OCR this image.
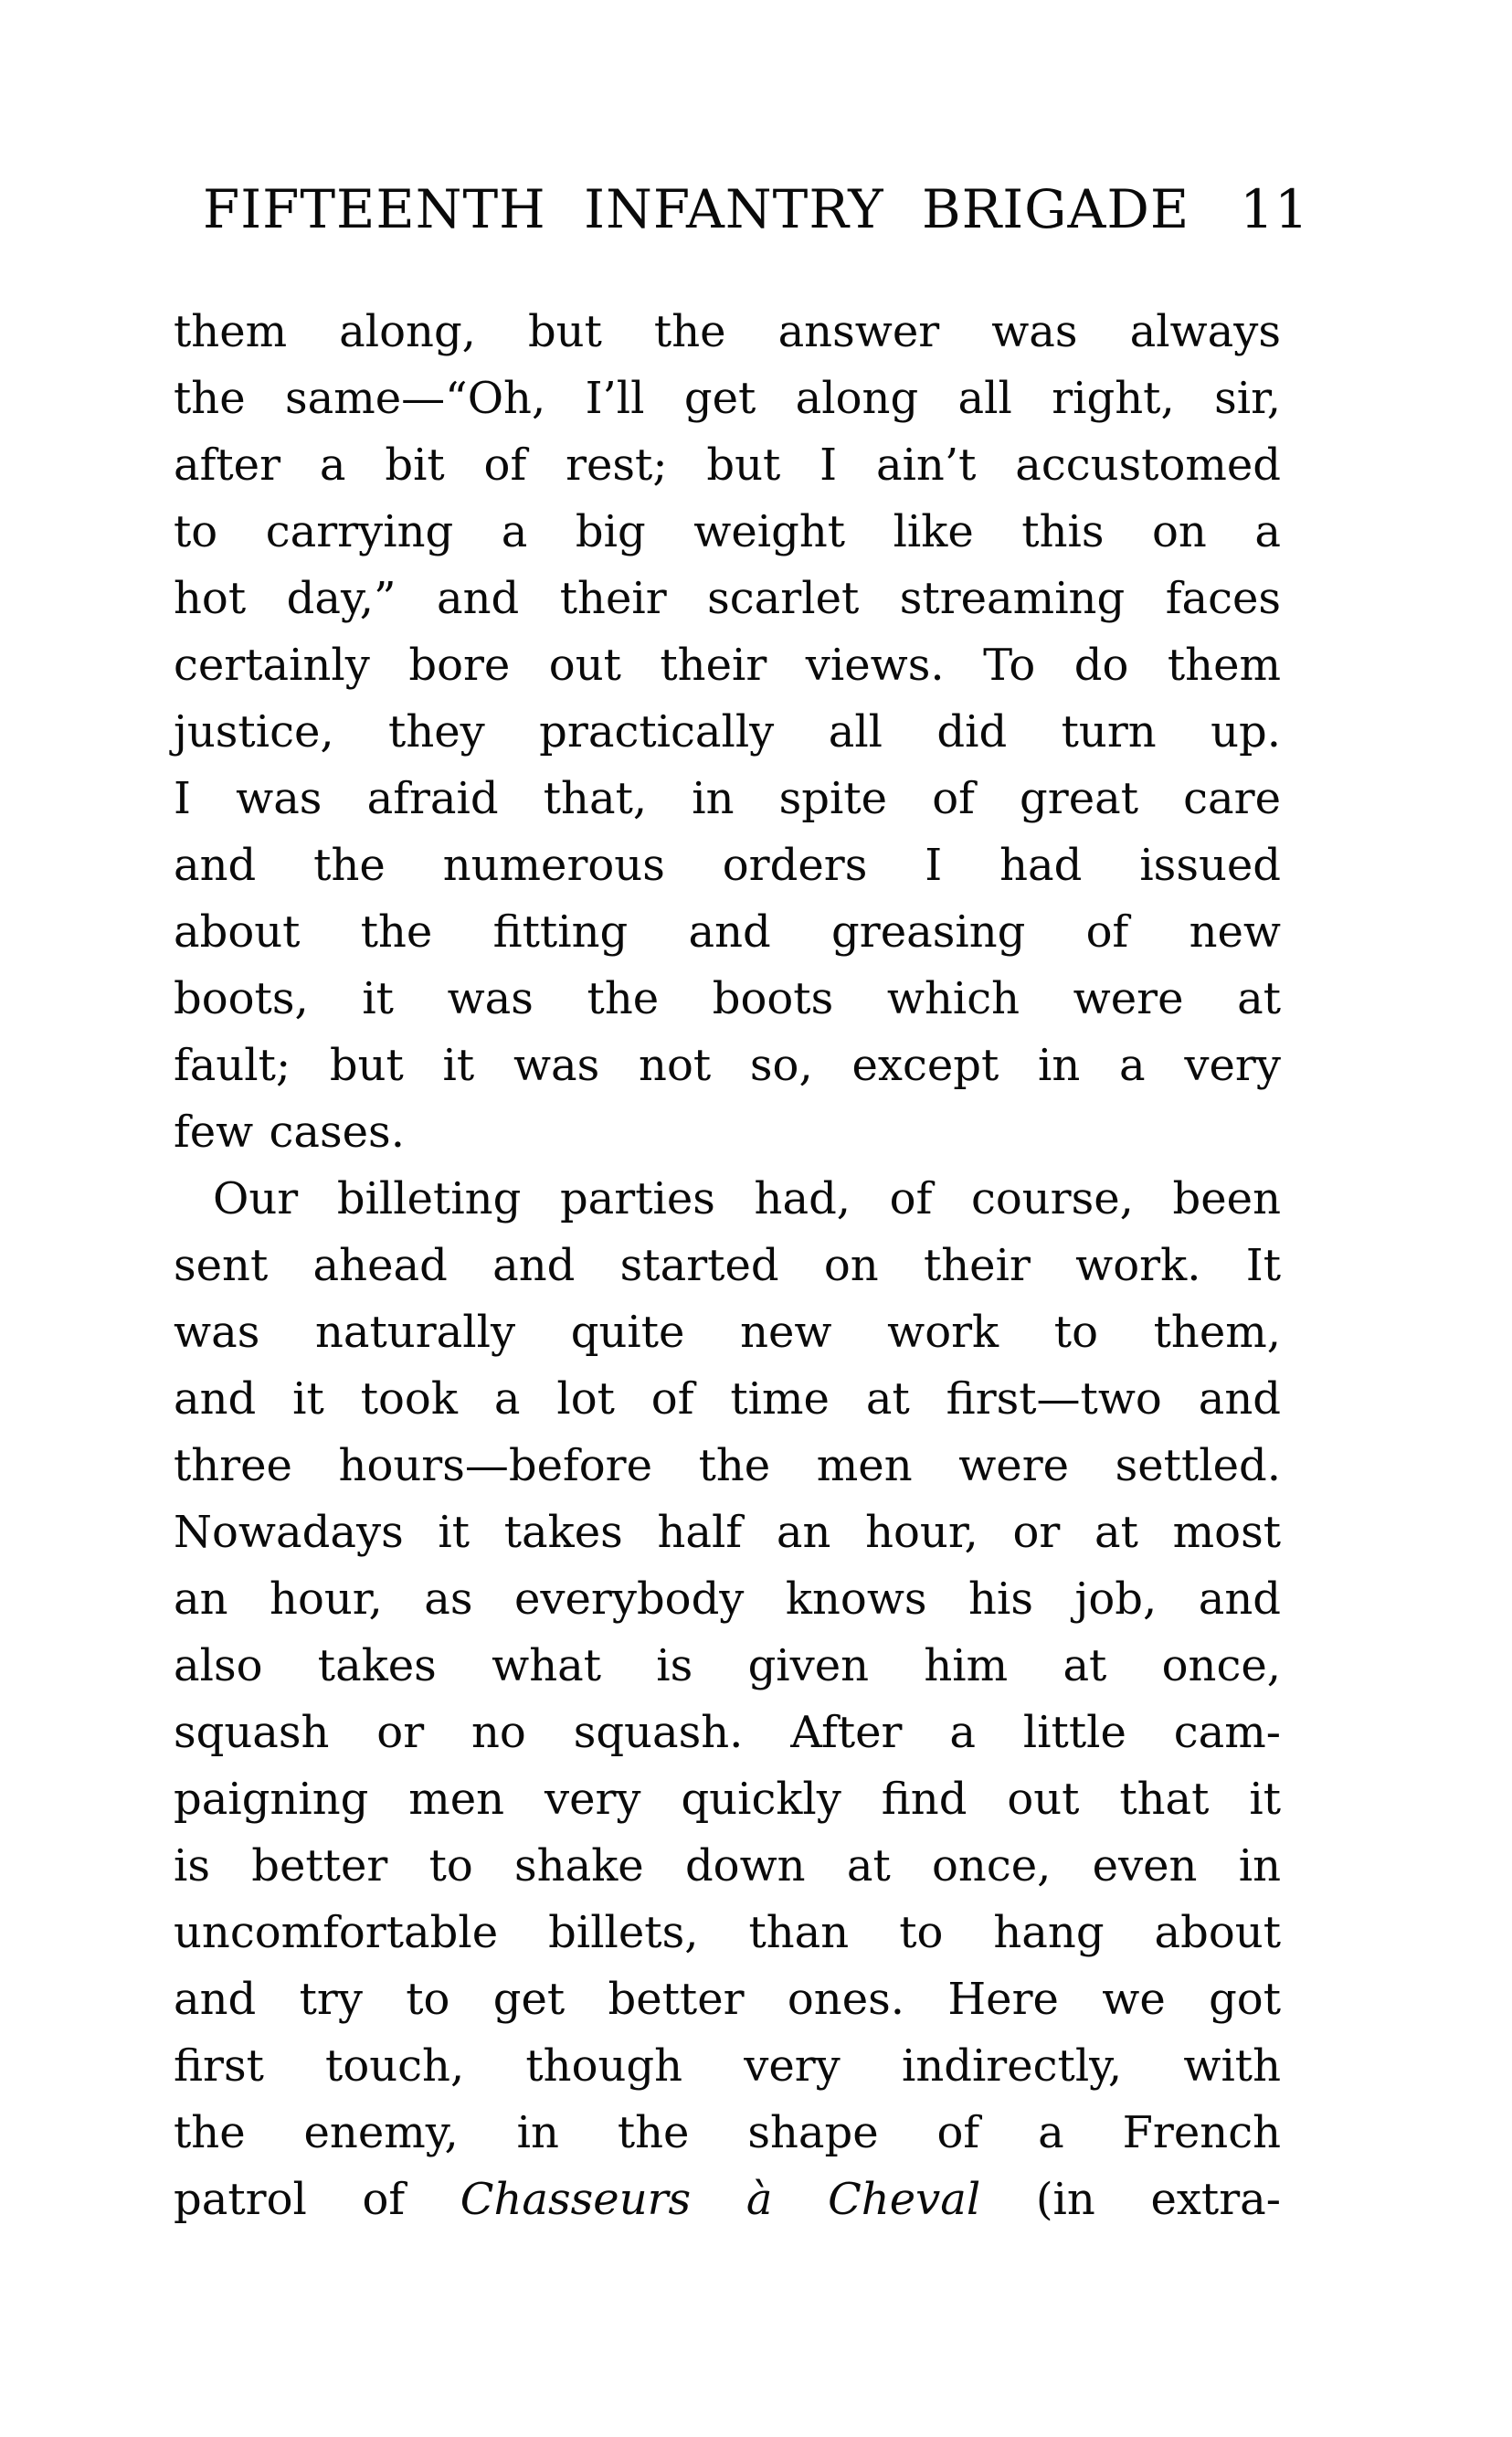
FIFTEENTH INFANTRY BRIGADE 11
them along, but the answer was always
the same—“Oh, I’ll get along all right, sir,
after a bit of rest; but I ain’t accustomed
to carrying a big weight like this on a
hot day,” and their scarlet streaming faces
certainly bore out their views. To do them
justice, they practically all did turn up.
I was afraid that, in spite of great care
and the numerous orders I had issued
about the fitting and greasing of new
boots, it was the boots which were at
fault; but it was not so, except in a very
few cases.
Our billeting parties had, of course, been
sent ahead and started on their work. It
was naturally quite new work to them,
and it took a lot of time at first—two and
three hours—before the men were settled.
Nowadays it takes half an hour, or at most
an hour, as everybody knows his job, and
also takes what is given him at once,
squash or no squash. After a little cam-
paigning men very quickly find out that it
is better to shake down at once, even in
uncomfortable billets, than to hang about
and try to get better ones. Here we got
first touch, though very indirectly, with
the enemy, in the shape of a French
patrol of Chasseurs à Cheval (in extra-
